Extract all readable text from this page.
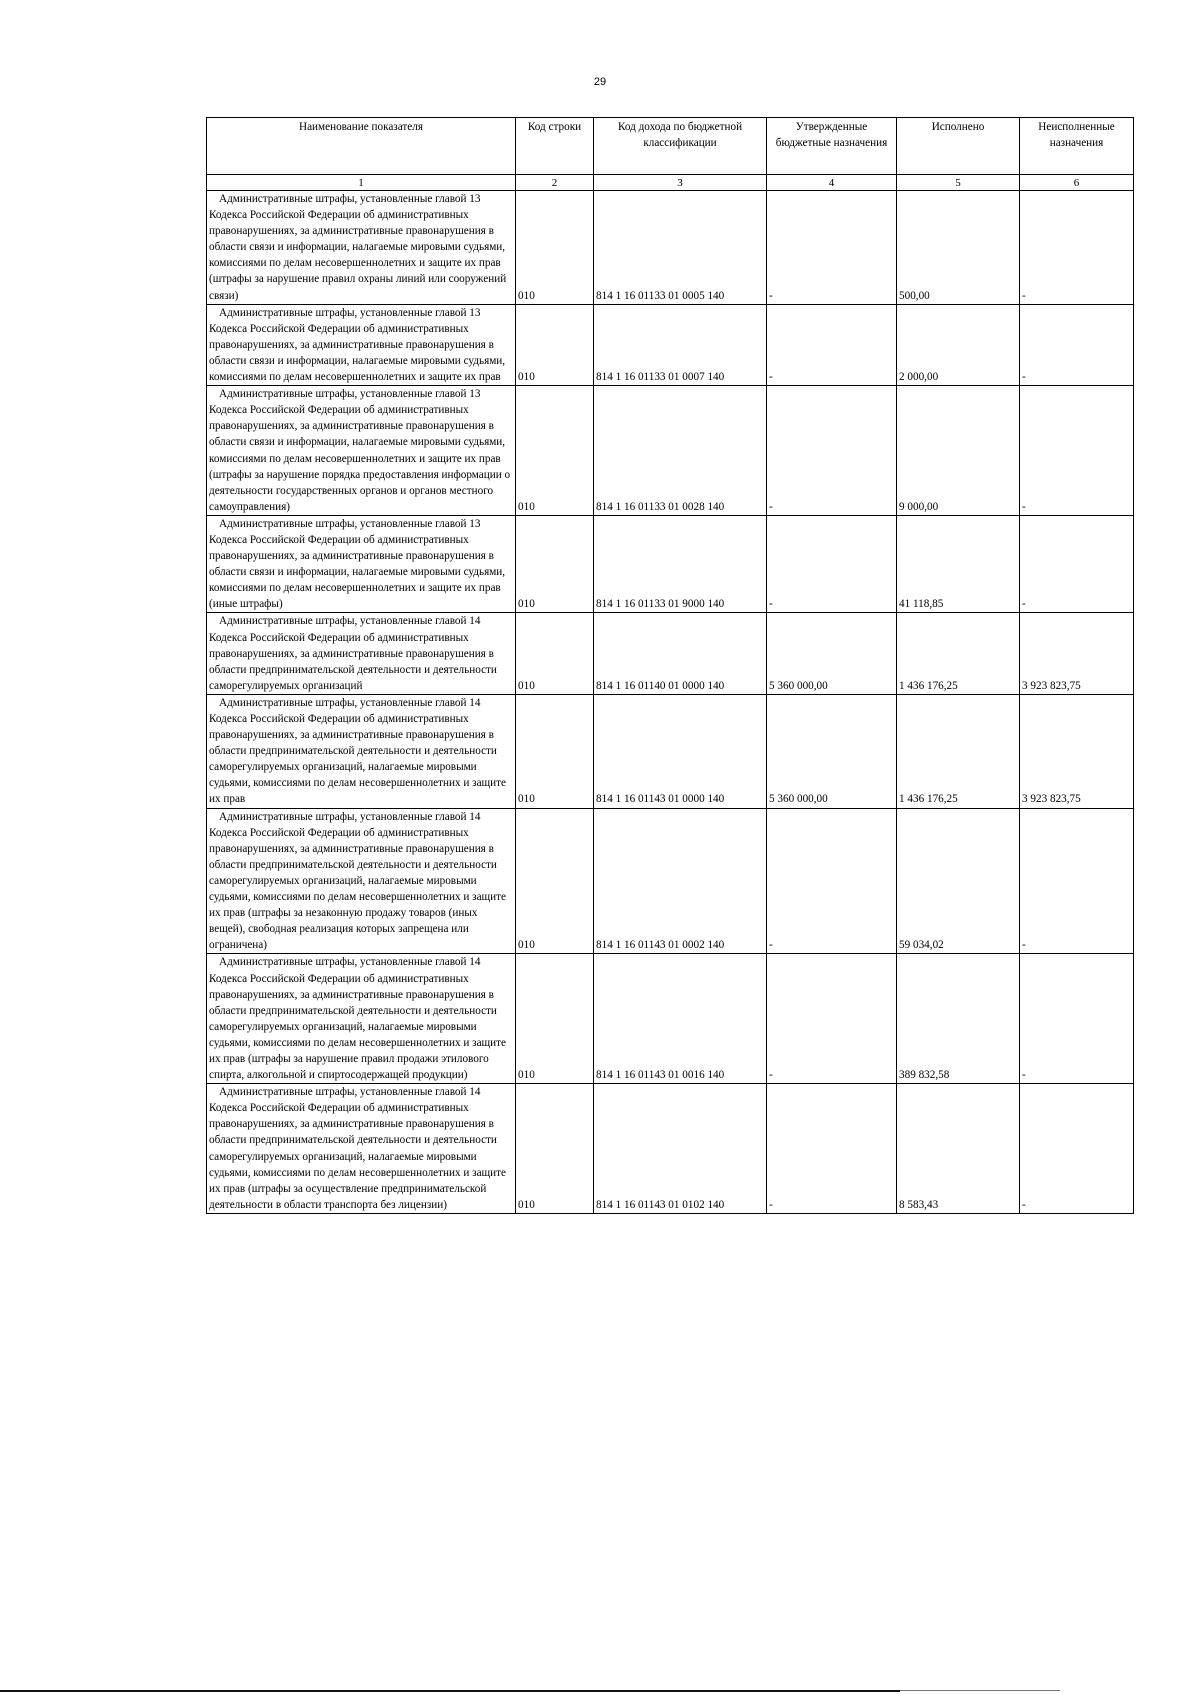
29
Наименование показателя	Код строки	Код дохода по бюджетной классификации	Утвержденные бюджетные назначения	Исполнено	Неисполненные назначения
1	2	3	4	5	6
Административные штрафы, установленные главой 13 Кодекса Российской Федерации об административных правонарушениях, за административные правонарушения в области связи и информации, налагаемые мировыми судьями, комиссиями по делам несовершеннолетних и защите их прав (штрафы за нарушение правил охраны линий или сооружений связи)	010	814 1 16 01133 01 0005 140	-	500,00	-
Административные штрафы, установленные главой 13 Кодекса Российской Федерации об административных правонарушениях, за административные правонарушения в области связи и информации, налагаемые мировыми судьями, комиссиями по делам несовершеннолетних и защите их прав	010	814 1 16 01133 01 0007 140	-	2 000,00	-
Административные штрафы, установленные главой 13 Кодекса Российской Федерации об административных правонарушениях, за административные правонарушения в области связи и информации, налагаемые мировыми судьями, комиссиями по делам несовершеннолетних и защите их прав (штрафы за нарушение порядка предоставления информации о деятельности государственных органов и органов местного самоуправления)	010	814 1 16 01133 01 0028 140	-	9 000,00	-
Административные штрафы, установленные главой 13 Кодекса Российской Федерации об административных правонарушениях, за административные правонарушения в области связи и информации, налагаемые мировыми судьями, комиссиями по делам несовершеннолетних и защите их прав (иные штрафы)	010	814 1 16 01133 01 9000 140	-	41 118,85	-
Административные штрафы, установленные главой 14 Кодекса Российской Федерации об административных правонарушениях, за административные правонарушения в области предпринимательской деятельности и деятельности саморегулируемых организаций	010	814 1 16 01140 01 0000 140	5 360 000,00	1 436 176,25	3 923 823,75
Административные штрафы, установленные главой 14 Кодекса Российской Федерации об административных правонарушениях, за административные правонарушения в области предпринимательской деятельности и деятельности саморегулируемых организаций, налагаемые мировыми судьями, комиссиями по делам несовершеннолетних и защите их прав	010	814 1 16 01143 01 0000 140	5 360 000,00	1 436 176,25	3 923 823,75
Административные штрафы, установленные главой 14 Кодекса Российской Федерации об административных правонарушениях, за административные правонарушения в области предпринимательской деятельности и деятельности саморегулируемых организаций, налагаемые мировыми судьями, комиссиями по делам несовершеннолетних и защите их прав (штрафы за незаконную продажу товаров (иных вещей), свободная реализация которых запрещена или ограничена)	010	814 1 16 01143 01 0002 140	-	59 034,02	-
Административные штрафы, установленные главой 14 Кодекса Российской Федерации об административных правонарушениях, за административные правонарушения в области предпринимательской деятельности и деятельности саморегулируемых организаций, налагаемые мировыми судьями, комиссиями по делам несовершеннолетних и защите их прав (штрафы за нарушение правил продажи этилового спирта, алкогольной и спиртосодержащей продукции)	010	814 1 16 01143 01 0016 140	-	389 832,58	-
Административные штрафы, установленные главой 14 Кодекса Российской Федерации об административных правонарушениях, за административные правонарушения в области предпринимательской деятельности и деятельности саморегулируемых организаций, налагаемые мировыми судьями, комиссиями по делам несовершеннолетних и защите их прав (штрафы за осуществление предпринимательской деятельности в области транспорта без лицензии)	010	814 1 16 01143 01 0102 140	-	8 583,43	-
